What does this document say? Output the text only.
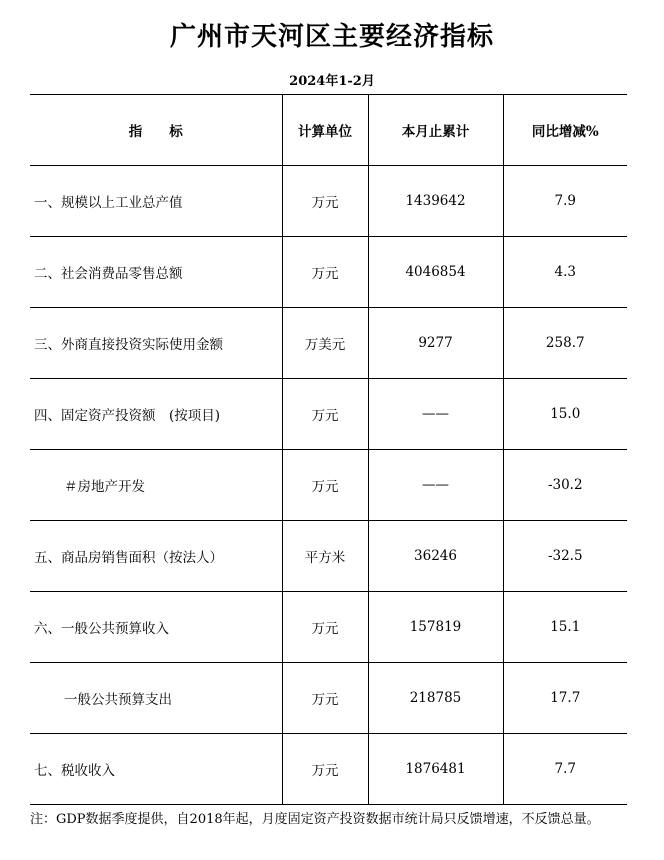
广州市天河区主要经济指标
2024年1-2月
指　　标	计算单位	本月止累计	同比增减%
一、规模以上工业总产值	万元	1439642	7.9
二、社会消费品零售总额	万元	4046854	4.3
三、外商直接投资实际使用金额	万美元	9277	258.7
四、固定资产投资额　(按项目)	万元	——	15.0
＃房地产开发	万元	——	-30.2
五、商品房销售面积（按法人）	平方米	36246	-32.5
六、一般公共预算收入	万元	157819	15.1
一般公共预算支出	万元	218785	17.7
七、税收收入	万元	1876481	7.7
注：GDP数据季度提供，自2018年起，月度固定资产投资数据市统计局只反馈增速，不反馈总量。
